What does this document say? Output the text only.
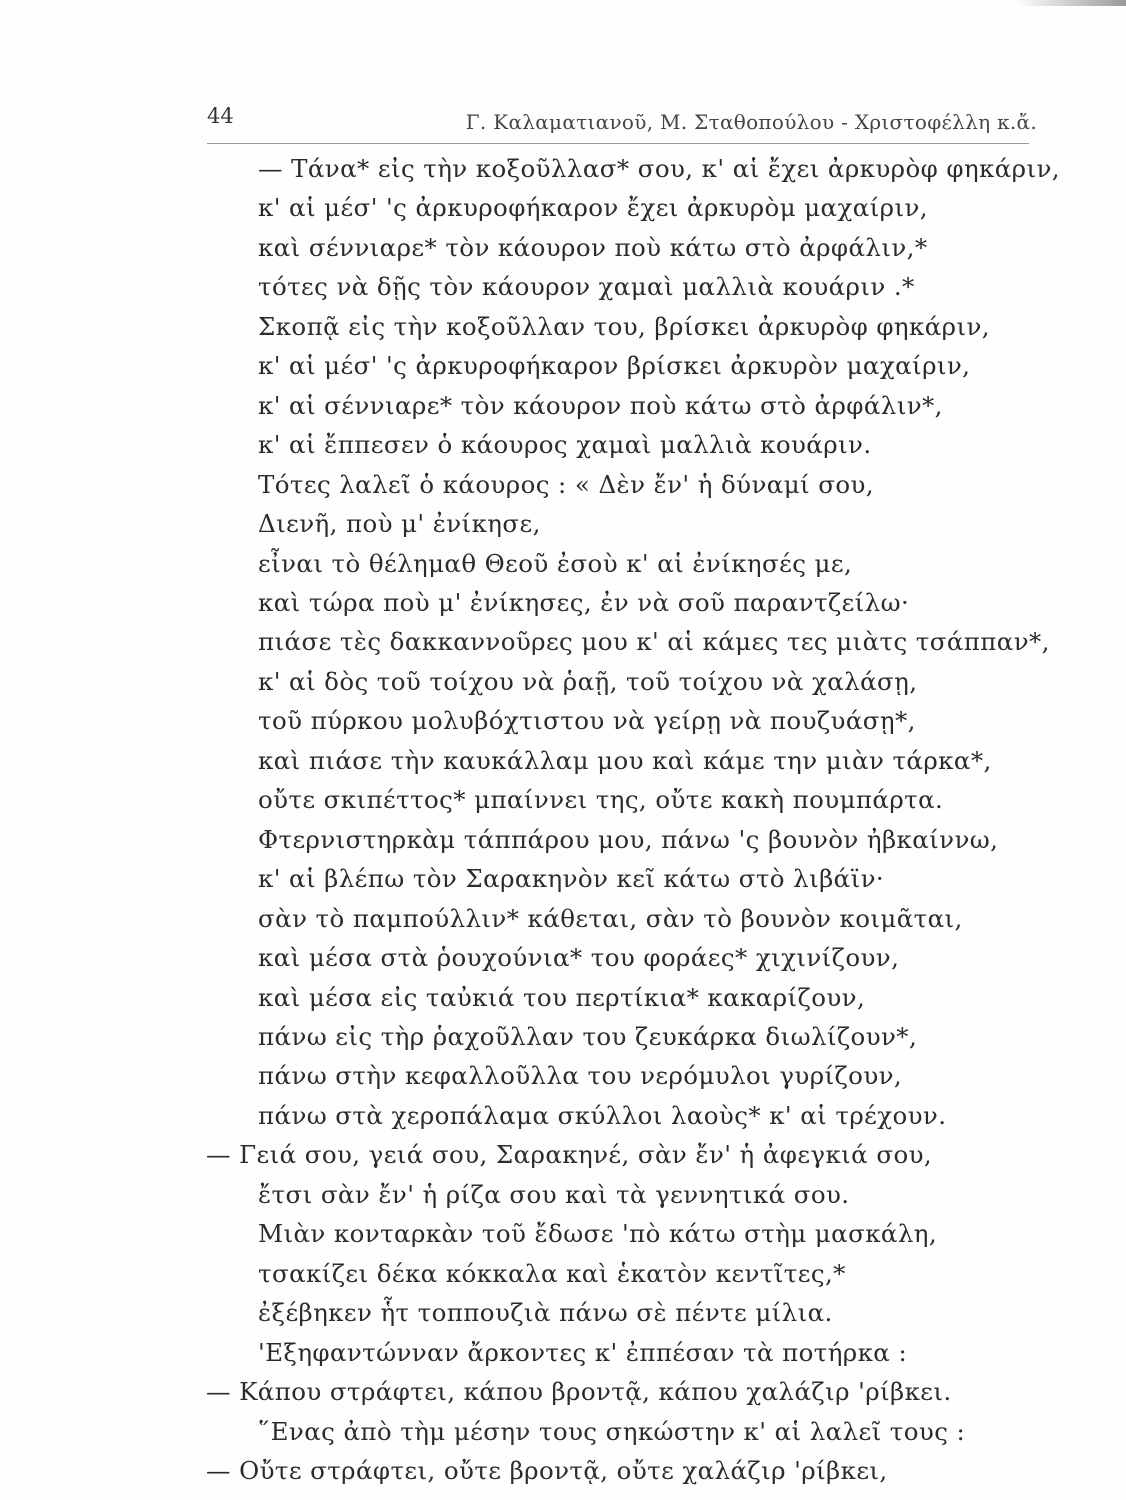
44	Γ. Καλαματιανοῦ, Μ. Σταθοπούλου - Χριστοφέλλη κ.ἄ.
— Τάνα* εἰς τὴν κοξοῦλλασ* σου, κ' αἱ ἔχει ἀρκυρὸφ φηκάριν,
κ' αἱ μέσ' 'ς ἀρκυροφήκαρον ἔχει ἀρκυρὸμ μαχαίριν,
καὶ σέννιαρε* τὸν κάουρον ποὺ κάτω στὸ ἀρφάλιν,*
τότες νὰ δῇς τὸν κάουρον χαμαὶ μαλλιὰ κουάριν .*
Σκοπᾷ εἰς τὴν κοξοῦλλαν του, βρίσκει ἀρκυρὸφ φηκάριν,
κ' αἱ μέσ' 'ς ἀρκυροφήκαρον βρίσκει ἀρκυρὸν μαχαίριν,
κ' αἱ σέννιαρε* τὸν κάουρον ποὺ κάτω στὸ ἀρφάλιν*,
κ' αἱ ἔππεσεν ὁ κάουρος χαμαὶ μαλλιὰ κουάριν.
Τότες λαλεῖ ὁ κάουρος : « Δὲν ἔν' ἡ δύναμί σου,
Διενῆ, ποὺ μ' ἐνίκησε,
εἶναι τὸ θέλημαθ Θεοῦ ἐσοὺ κ' αἱ ἐνίκησές με,
καὶ τώρα ποὺ μ' ἐνίκησες, ἐν νὰ σοῦ παραντζείλω·
πιάσε τὲς δακκαννοῦρες μου κ' αἱ κάμες τες μιὰτς τσάππαν*,
κ' αἱ δὸς τοῦ τοίχου νὰ ῥαῇ, τοῦ τοίχου νὰ χαλάσῃ,
τοῦ πύρκου μολυβόχτιστου νὰ γείρῃ νὰ πουζυάσῃ*,
καὶ πιάσε τὴν καυκάλλαμ μου καὶ κάμε την μιὰν τάρκα*,
οὔτε σκιπέττος* μπαίννει της, οὔτε κακὴ πουμπάρτα.
Φτερνιστηρκὰμ τάππάρου μου, πάνω 'ς βουνὸν ἠβκαίννω,
κ' αἱ βλέπω τὸν Σαρακηνὸν κεῖ κάτω στὸ λιβάϊν·
σὰν τὸ παμπούλλιν* κάθεται, σὰν τὸ βουνὸν κοιμᾶται,
καὶ μέσα στὰ ῥουχούνια* του φοράες* χιχινίζουν,
καὶ μέσα εἰς ταὐκιά του περτίκια* κακαρίζουν,
πάνω εἰς τὴρ ῥαχοῦλλαν του ζευκάρκα διωλίζουν*,
πάνω στὴν κεφαλλοῦλλα του νερόμυλοι γυρίζουν,
πάνω στὰ χεροπάλαμα σκύλλοι λαοὺς* κ' αἱ τρέχουν.
— Γειά σου, γειά σου, Σαρακηνέ, σὰν ἔν' ἡ ἀφεγκιά σου,
ἔτσι σὰν ἔν' ἡ ρίζα σου καὶ τὰ γεννητικά σου.
Μιὰν κονταρκὰν τοῦ ἔδωσε 'πὸ κάτω στὴμ μασκάλη,
τσακίζει δέκα κόκκαλα καὶ ἑκατὸν κεντῖτες,*
ἐξέβηκεν ἧτ τοππουζιὰ πάνω σὲ πέντε μίλια.
'Εξηφαντώνναν ἄρκοντες κ' ἐππέσαν τὰ ποτήρκα :
— Κάπου στράφτει, κάπου βροντᾷ, κάπου χαλάζιρ 'ρίβκει.
῞Ενας ἀπὸ τὴμ μέσην τους σηκώστην κ' αἱ λαλεῖ τους :
— Οὔτε στράφτει, οὔτε βροντᾷ, οὔτε χαλάζιρ 'ρίβκει,
